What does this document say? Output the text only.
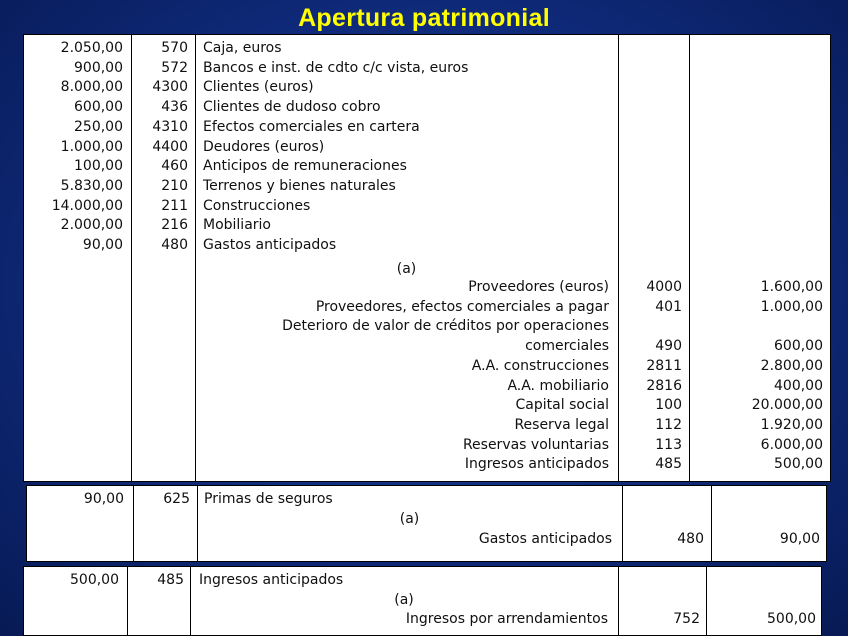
Apertura patrimonial
2.050,00	570 Caja, euros
900,00	572 Bancos e inst. de cdto c/c vista, euros
8.000,00	4300 Clientes (euros)
600,00	436 Clientes de dudoso cobro
250,00	4310 Efectos comerciales en cartera
1.000,00	4400 Deudores (euros)
100,00	460 Anticipos de remuneraciones
5.830,00	210 Terrenos y bienes naturales
14.000,00	211 Construcciones
2.000,00	216 Mobiliario
90,00	480 Gastos anticipados
(a)
Proveedores (euros)	4000	1.600,00
Proveedores, efectos comerciales a pagar	401	1.000,00
Deterioro de valor de créditos por operaciones
comerciales	490	600,00
A.A. construcciones	2811	2.800,00
A.A. mobiliario	2816	400,00
Capital social	100	20.000,00
Reserva legal	112	1.920,00
Reservas voluntarias	113	6.000,00
Ingresos anticipados	485	500,00
90,00	625 Primas de seguros
(a)
Gastos anticipados	480	90,00
500,00	485 Ingresos anticipados
(a)
Ingresos por arrendamientos	752	500,00
